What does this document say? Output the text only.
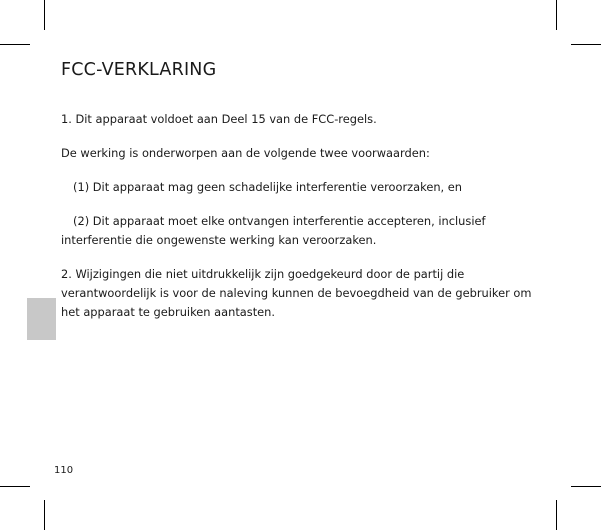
FCC-VERKLARING

1. Dit apparaat voldoet aan Deel 15 van de FCC-regels.

De werking is onderworpen aan de volgende twee voorwaarden:

(1) Dit apparaat mag geen schadelijke interferentie veroorzaken, en

(2) Dit apparaat moet elke ontvangen interferentie accepteren, inclusief interferentie die ongewenste werking kan veroorzaken.

2. Wijzigingen die niet uitdrukkelijk zijn goedgekeurd door de partij die verantwoordelijk is voor de naleving kunnen de bevoegdheid van de gebruiker om het apparaat te gebruiken aantasten.

110
